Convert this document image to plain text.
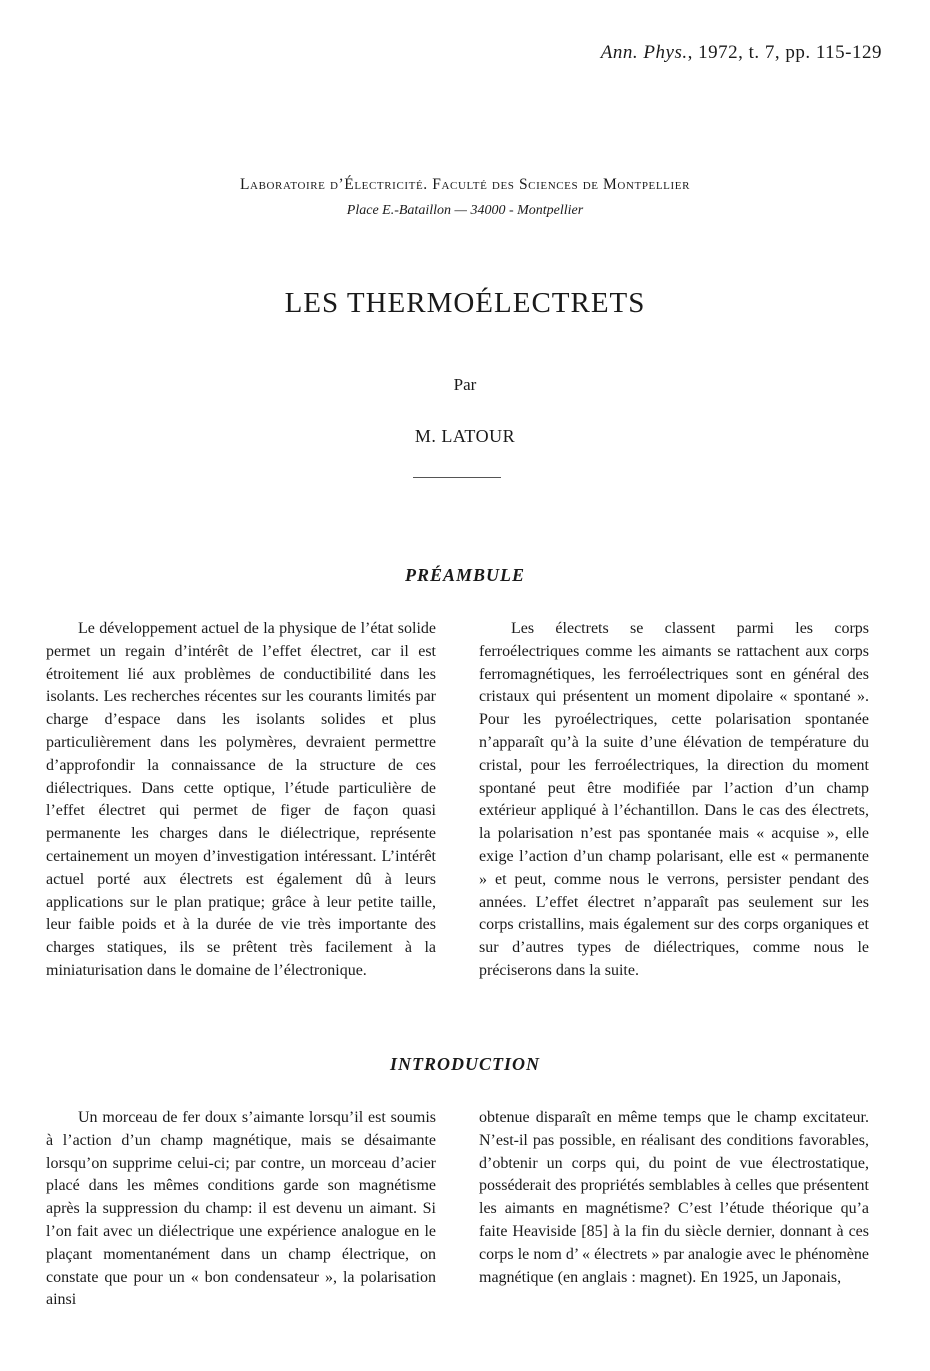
Ann. Phys., 1972, t. 7, pp. 115-129
Laboratoire d’Électricité. Faculté des Sciences de Montpellier
Place E.-Bataillon — 34000 - Montpellier
LES THERMOÉLECTRETS
Par
M. LATOUR
PRÉAMBULE

Le développement actuel de la physique de l’état solide permet un regain d’intérêt de l’effet électret, car il est étroitement lié aux problèmes de conductibilité dans les isolants. Les recherches récentes sur les courants limités par charge d’espace dans les isolants solides et plus particulièrement dans les polymères, devraient permettre d’approfondir la connaissance de la structure de ces diélectriques. Dans cette optique, l’étude particulière de l’effet électret qui permet de figer de façon quasi permanente les charges dans le diélectrique, représente certainement un moyen d’investigation intéressant. L’intérêt actuel porté aux électrets est également dû à leurs applications sur le plan pratique; grâce à leur petite taille, leur faible poids et à la durée de vie très importante des charges statiques, ils se prêtent très facilement à la miniaturisation dans le domaine de l’électronique.

Les électrets se classent parmi les corps ferroélectriques comme les aimants se rattachent aux corps ferromagnétiques, les ferroélectriques sont en général des cristaux qui présentent un moment dipolaire « spontané ». Pour les pyroélectriques, cette polarisation spontanée n’apparaît qu’à la suite d’une élévation de température du cristal, pour les ferroélectriques, la direction du moment spontané peut être modifiée par l’action d’un champ extérieur appliqué à l’échantillon. Dans le cas des électrets, la polarisation n’est pas spontanée mais « acquise », elle exige l’action d’un champ polarisant, elle est « permanente » et peut, comme nous le verrons, persister pendant des années. L’effet électret n’apparaît pas seulement sur les corps cristallins, mais également sur des corps organiques et sur d’autres types de diélectriques, comme nous le préciserons dans la suite.

INTRODUCTION

Un morceau de fer doux s’aimante lorsqu’il est soumis à l’action d’un champ magnétique, mais se désaimante lorsqu’on supprime celui-ci; par contre, un morceau d’acier placé dans les mêmes conditions garde son magnétisme après la suppression du champ: il est devenu un aimant. Si l’on fait avec un diélectrique une expérience analogue en le plaçant momentanément dans un champ électrique, on constate que pour un « bon condensateur », la polarisation ainsi

obtenue disparaît en même temps que le champ excitateur. N’est-il pas possible, en réalisant des conditions favorables, d’obtenir un corps qui, du point de vue électrostatique, posséderait des propriétés semblables à celles que présentent les aimants en magnétisme? C’est l’étude théorique qu’a faite Heaviside [85] à la fin du siècle dernier, donnant à ces corps le nom d’ « électrets » par analogie avec le phénomène magnétique (en anglais : magnet). En 1925, un Japonais,
